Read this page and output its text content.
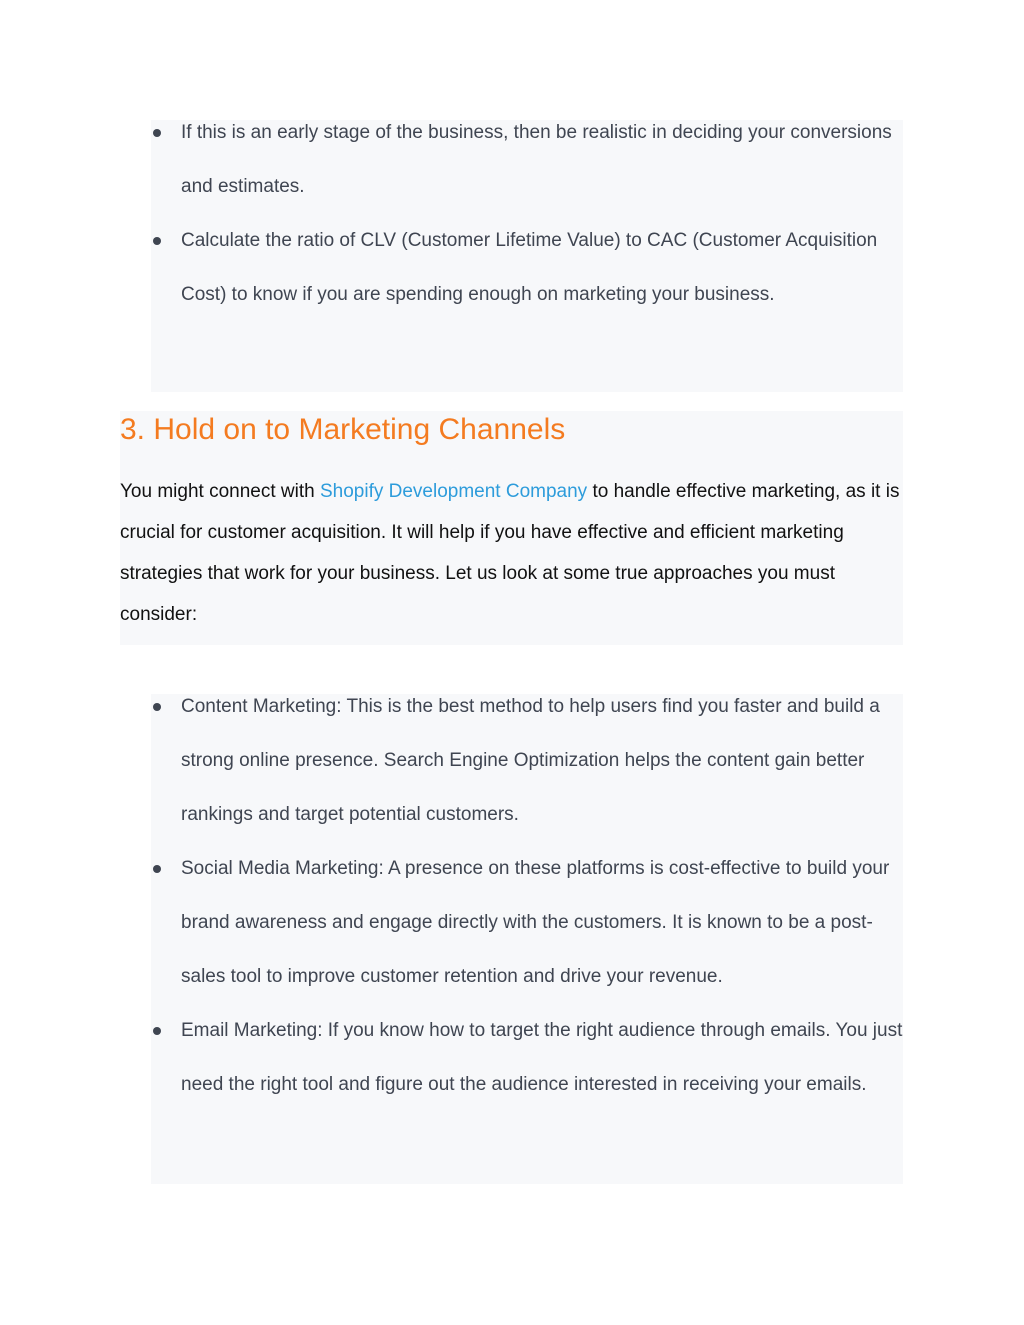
If this is an early stage of the business, then be realistic in deciding your conversions and estimates.
Calculate the ratio of CLV (Customer Lifetime Value) to CAC (Customer Acquisition Cost) to know if you are spending enough on marketing your business.
3. Hold on to Marketing Channels

You might connect with Shopify Development Company to handle effective marketing, as it is crucial for customer acquisition. It will help if you have effective and efficient marketing strategies that work for your business. Let us look at some true approaches you must consider:

Content Marketing: This is the best method to help users find you faster and build a strong online presence. Search Engine Optimization helps the content gain better rankings and target potential customers.
Social Media Marketing: A presence on these platforms is cost-effective to build your brand awareness and engage directly with the customers. It is known to be a post-sales tool to improve customer retention and drive your revenue.
Email Marketing: If you know how to target the right audience through emails. You just need the right tool and figure out the audience interested in receiving your emails.
